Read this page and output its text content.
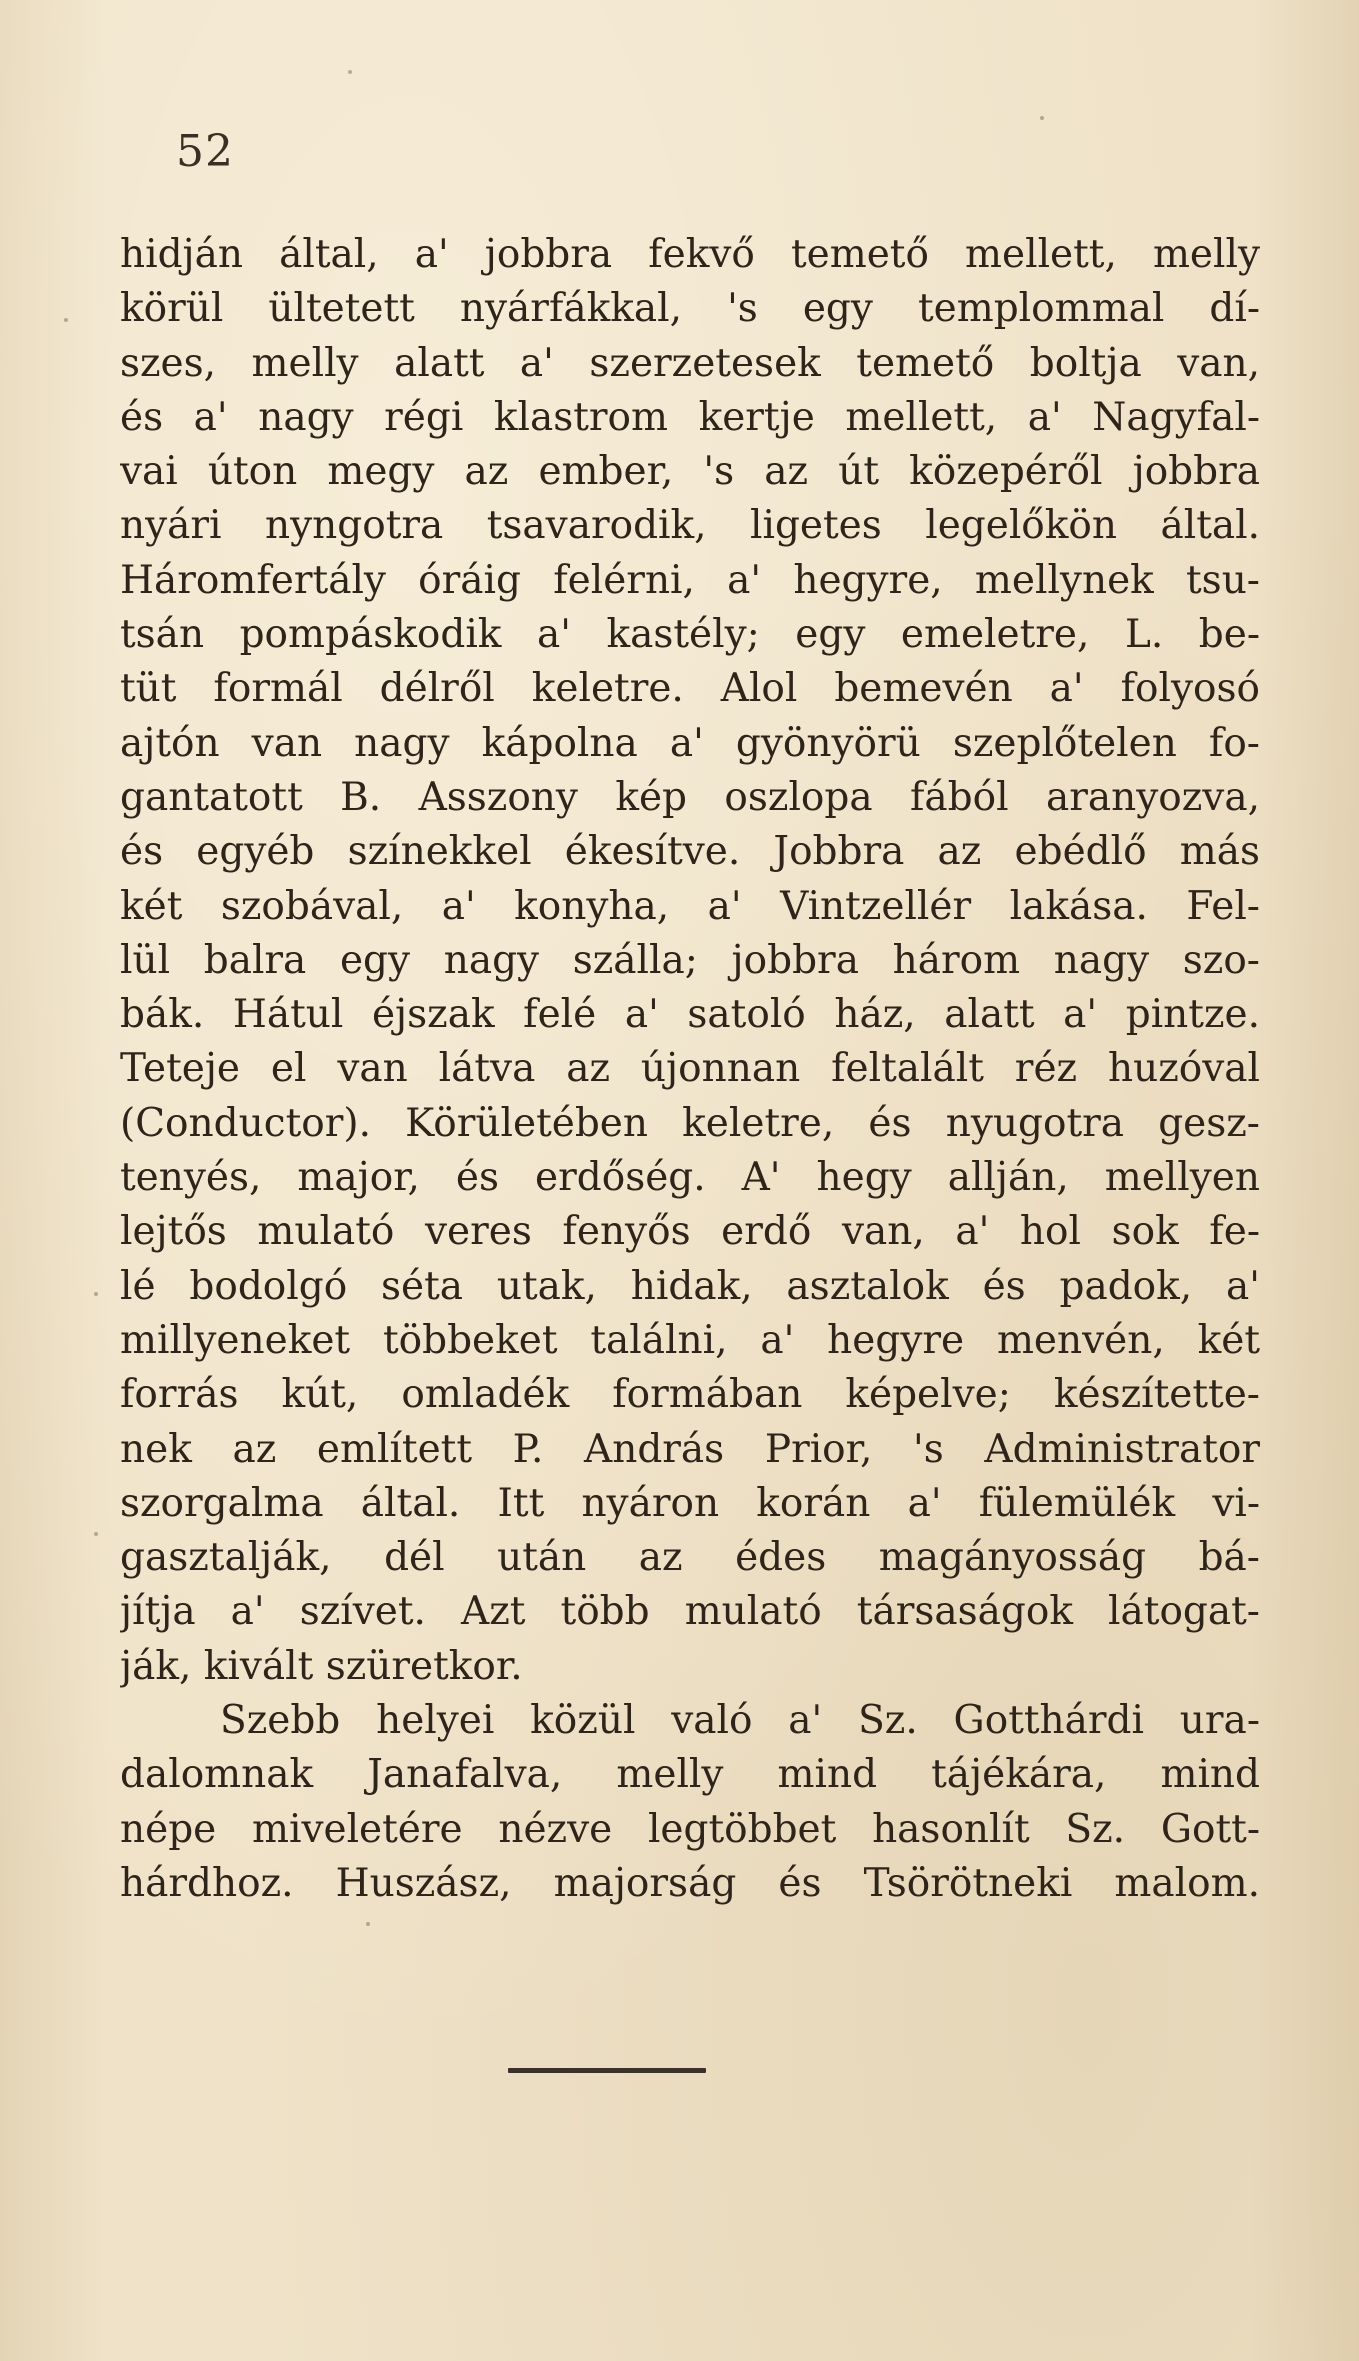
52

hidján által, a' jobbra fekvő temető mellett, melly
körül ültetett nyárfákkal, 's egy templommal dí-
szes, melly alatt a' szerzetesek temető boltja van,
és a' nagy régi klastrom kertje mellett, a' Nagyfal-
vai úton megy az ember, 's az út közepéről jobbra
nyári nyngotra tsavarodik, ligetes legelőkön által.
Háromfertály óráig felérni, a' hegyre, mellynek tsu-
tsán pompáskodik a' kastély; egy emeletre, L. be-
tüt formál délről keletre. Alol bemevén a' folyosó
ajtón van nagy kápolna a' gyönyörü szeplőtelen fo-
gantatott B. Asszony kép oszlopa fából aranyozva,
és egyéb színekkel ékesítve. Jobbra az ebédlő más
két szobával, a' konyha, a' Vintzellér lakása. Fel-
lül balra egy nagy szálla; jobbra három nagy szo-
bák. Hátul éjszak felé a' satoló ház, alatt a' pintze.
Teteje el van látva az újonnan feltalált réz huzóval
(Conductor). Körületében keletre, és nyugotra gesz-
tenyés, major, és erdőség. A' hegy allján, mellyen
lejtős mulató veres fenyős erdő van, a' hol sok fe-
lé bodolgó séta utak, hidak, asztalok és padok, a'
millyeneket többeket találni, a' hegyre menvén, két
forrás kút, omladék formában képelve; készítette-
nek az említett P. András Prior, 's Administrator
szorgalma által. Itt nyáron korán a' fülemülék vi-
gasztalják, dél után az édes magányosság bá-
jítja a' szívet. Azt több mulató társaságok látogat-
ják, kivált szüretkor.
Szebb helyei közül való a' Sz. Gotthárdi ura-
dalomnak Janafalva, melly mind tájékára, mind
népe miveletére nézve legtöbbet hasonlít Sz. Gott-
hárdhoz. Huszász, majorság és Tsörötneki malom.
